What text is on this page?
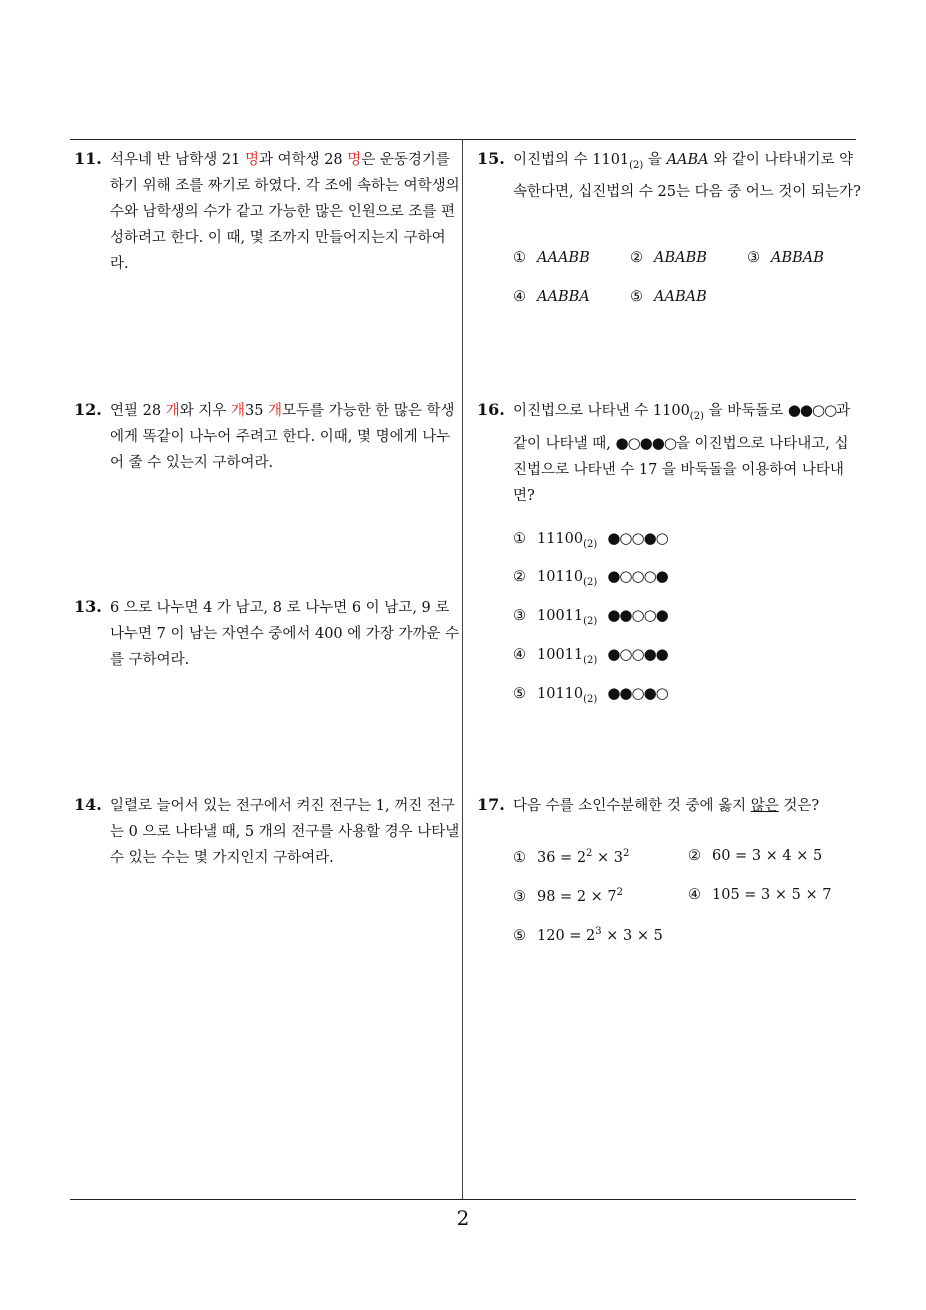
11. 석우네 반 남학생 21 명과 여학생 28 명은 운동경기를 하기 위해 조를 짜기로 하였다. 각 조에 속하는 여학생의 수와 남학생의 수가 같고 가능한 많은 인원으로 조를 편성하려고 한다. 이 때, 몇 조까지 만들어지는지 구하여라.
12. 연필 28 개와 지우 개35 개모두를 가능한 한 많은 학생에게 똑같이 나누어 주려고 한다. 이때, 몇 명에게 나누어 줄 수 있는지 구하여라.
13. 6 으로 나누면 4 가 남고, 8 로 나누면 6 이 남고, 9 로 나누면 7 이 남는 자연수 중에서 400 에 가장 가까운 수를 구하여라.
14. 일렬로 늘어서 있는 전구에서 켜진 전구는 1, 꺼진 전구는 0 으로 나타낼 때, 5 개의 전구를 사용할 경우 나타낼 수 있는 수는 몇 가지인지 구하여라.
15. 이진법의 수 $1101_{(2)}$ 을 AABA 와 같이 나타내기로 약속한다면, 십진법의 수 25는 다음 중 어느 것이 되는가?
① AAABB	② ABABB	③ ABBAB
④ AABBA	⑤ AABAB
16. 이진법으로 나타낸 수 $1100_{(2)}$ 을 바둑돌로 ●●○○과 같이 나타낼 때, ●○●●○을 이진법으로 나타내고, 십진법으로 나타낸 수 17 을 바둑돌을 이용하여 나타내면?
① $11100_{(2)}$ ●○○●○
② $10110_{(2)}$ ●○○○●
③ $10011_{(2)}$ ●●○○●
④ $10011_{(2)}$ ●○○●●
⑤ $10110_{(2)}$ ●●○●○
17. 다음 수를 소인수분해한 것 중에 옳지 않은 것은?
① $36 = 2^2 \times 3^2$	② 60 = 3 × 4 × 5
③ $98 = 2 \times 7^2$	④ 105 = 3 × 5 × 7
⑤ $120 = 2^3 \times 3 \times 5$
2
